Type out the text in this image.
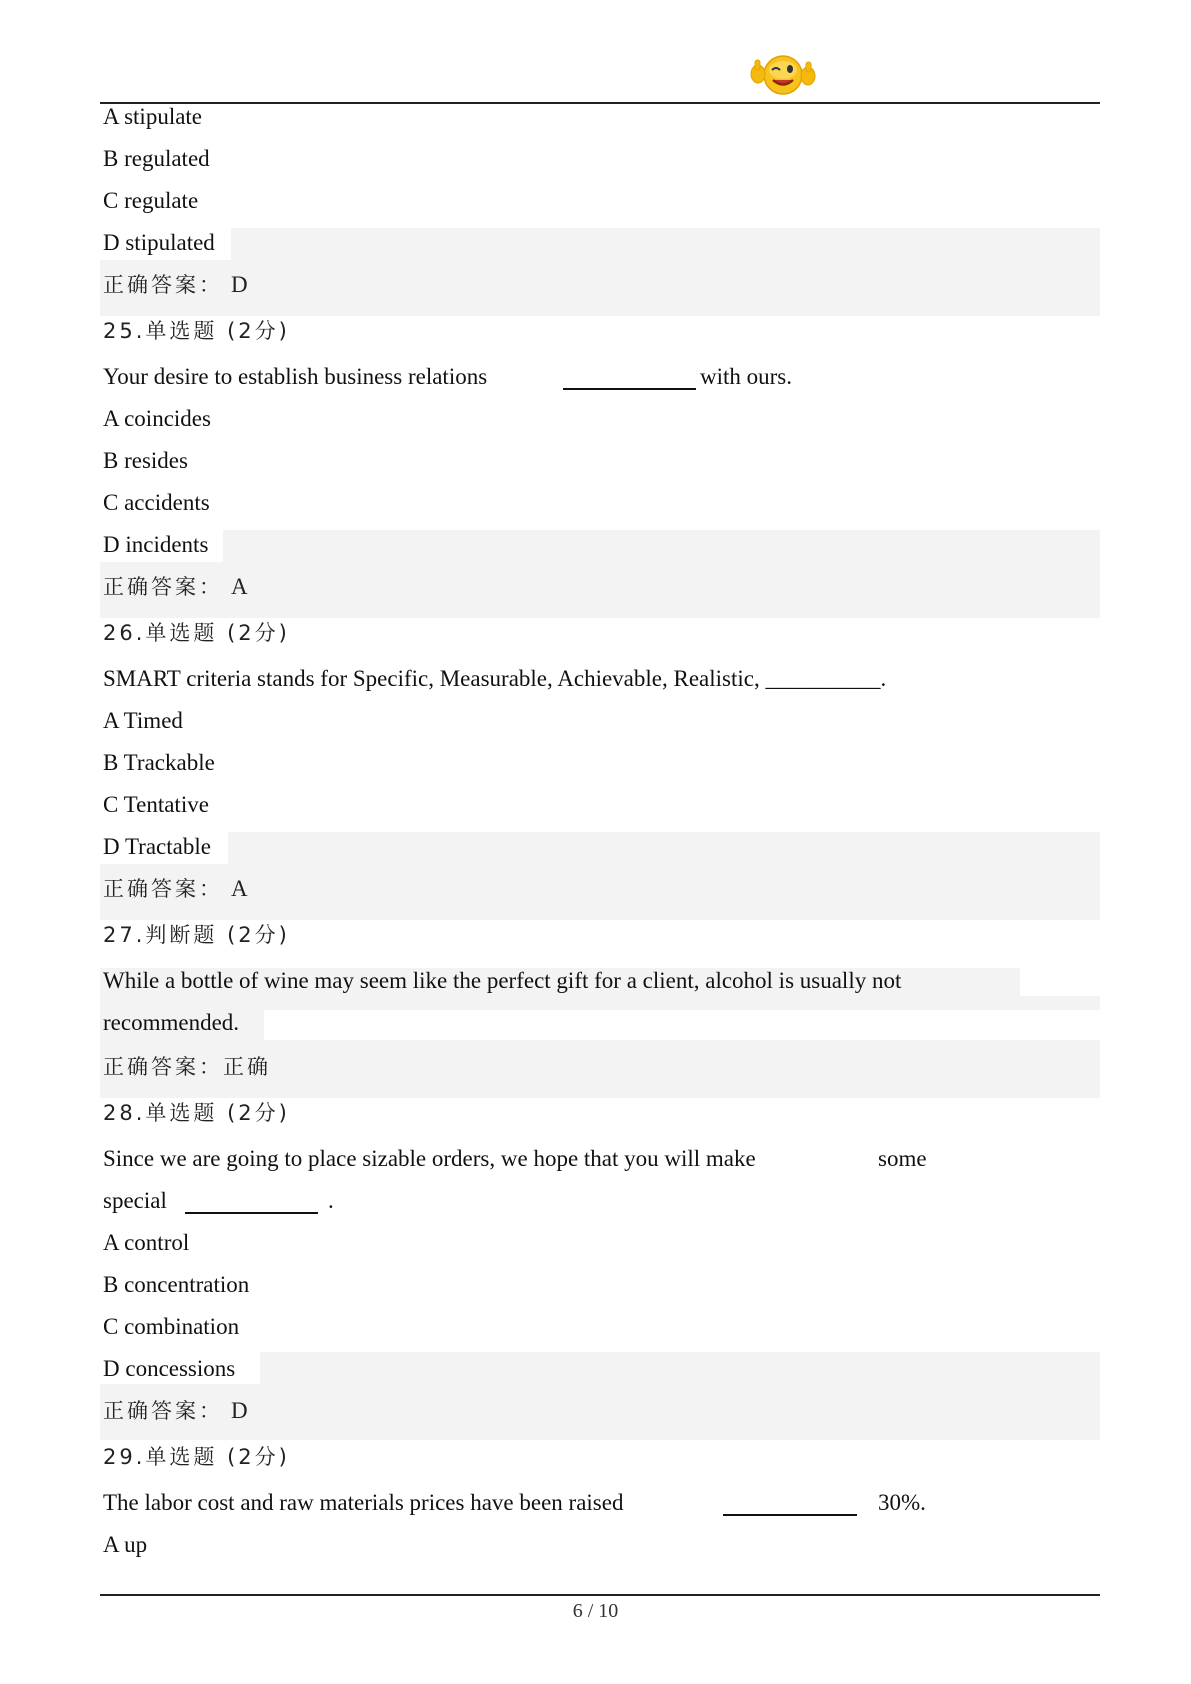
A stipulate
B regulated
C regulate
D stipulated
正确答案： D
25.单选题 (2分)
Your desire to establish business relations	with ours.
A coincides
B resides
C accidents
D incidents
正确答案： A
26.单选题 (2分)
SMART criteria stands for Specific, Measurable, Achievable, Realistic, __________.
A Timed
B Trackable
C Tentative
D Tractable
正确答案： A
27.判断题 (2分)
While a bottle of wine may seem like the perfect gift for a client, alcohol is usually not
recommended.
正确答案：正确
28.单选题 (2分)
Since we are going to place sizable orders, we hope that you will make	some
special	.
A control
B concentration
C combination
D concessions
正确答案： D
29.单选题 (2分)
The labor cost and raw materials prices have been raised	30%.
A up
6 / 10
